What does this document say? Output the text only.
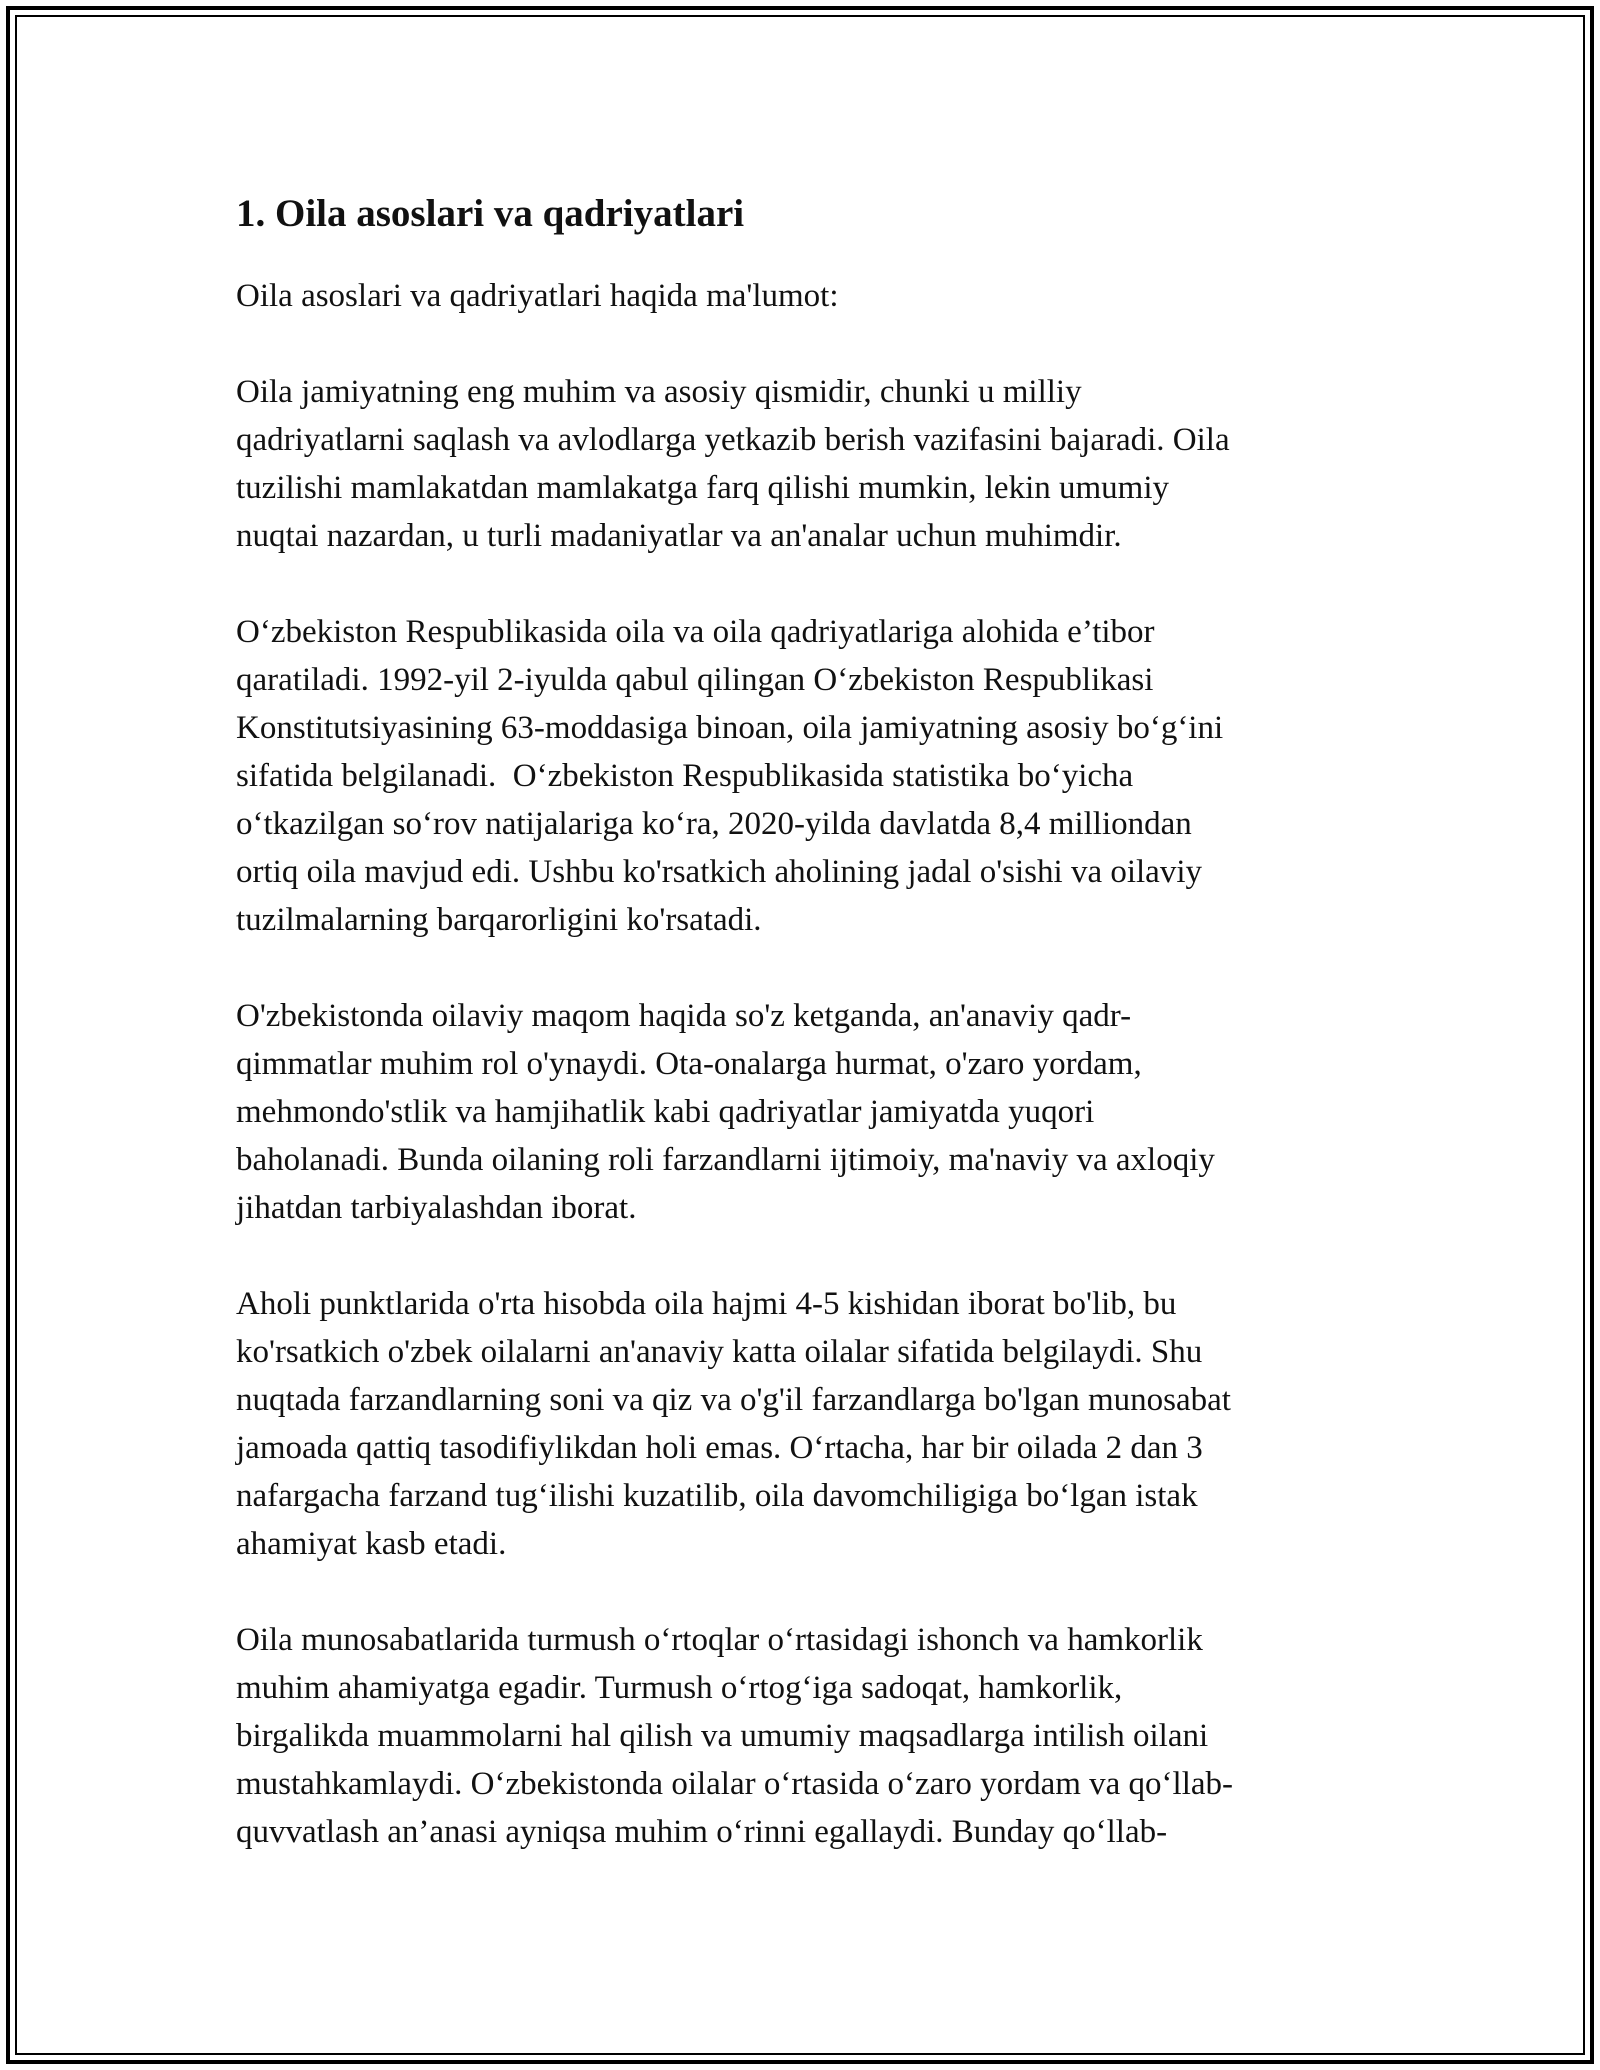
1. Oila asoslari va qadriyatlari

Oila asoslari va qadriyatlari haqida ma'lumot:

Oila jamiyatning eng muhim va asosiy qismidir, chunki u milliy
qadriyatlarni saqlash va avlodlarga yetkazib berish vazifasini bajaradi. Oila
tuzilishi mamlakatdan mamlakatga farq qilishi mumkin, lekin umumiy
nuqtai nazardan, u turli madaniyatlar va an'analar uchun muhimdir.

O‘zbekiston Respublikasida oila va oila qadriyatlariga alohida e’tibor
qaratiladi. 1992-yil 2-iyulda qabul qilingan O‘zbekiston Respublikasi
Konstitutsiyasining 63-moddasiga binoan, oila jamiyatning asosiy bo‘g‘ini
sifatida belgilanadi.  O‘zbekiston Respublikasida statistika bo‘yicha
o‘tkazilgan so‘rov natijalariga ko‘ra, 2020-yilda davlatda 8,4 milliondan
ortiq oila mavjud edi. Ushbu ko'rsatkich aholining jadal o'sishi va oilaviy
tuzilmalarning barqarorligini ko'rsatadi.

O'zbekistonda oilaviy maqom haqida so'z ketganda, an'anaviy qadr-
qimmatlar muhim rol o'ynaydi. Ota-onalarga hurmat, o'zaro yordam,
mehmondo'stlik va hamjihatlik kabi qadriyatlar jamiyatda yuqori
baholanadi. Bunda oilaning roli farzandlarni ijtimoiy, ma'naviy va axloqiy
jihatdan tarbiyalashdan iborat.

Aholi punktlarida o'rta hisobda oila hajmi 4-5 kishidan iborat bo'lib, bu
ko'rsatkich o'zbek oilalarni an'anaviy katta oilalar sifatida belgilaydi. Shu
nuqtada farzandlarning soni va qiz va o'g'il farzandlarga bo'lgan munosabat
jamoada qattiq tasodifiylikdan holi emas. O‘rtacha, har bir oilada 2 dan 3
nafargacha farzand tug‘ilishi kuzatilib, oila davomchiligiga bo‘lgan istak
ahamiyat kasb etadi.

Oila munosabatlarida turmush o‘rtoqlar o‘rtasidagi ishonch va hamkorlik
muhim ahamiyatga egadir. Turmush o‘rtog‘iga sadoqat, hamkorlik,
birgalikda muammolarni hal qilish va umumiy maqsadlarga intilish oilani
mustahkamlaydi. O‘zbekistonda oilalar o‘rtasida o‘zaro yordam va qo‘llab-
quvvatlash an’anasi ayniqsa muhim o‘rinni egallaydi. Bunday qo‘llab-
